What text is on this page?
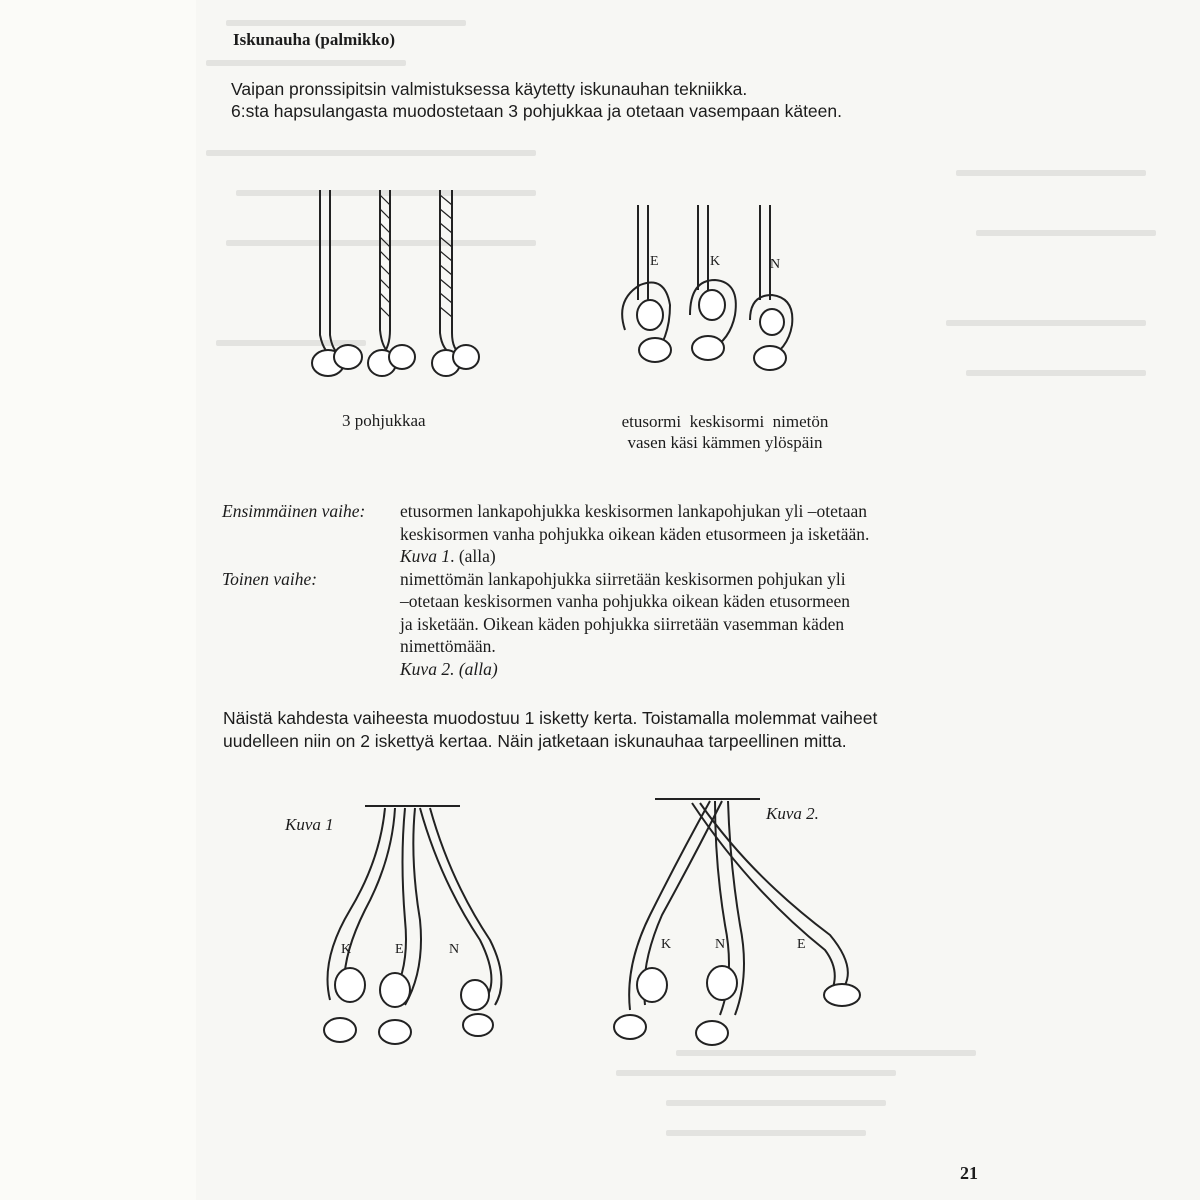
Iskunauha (palmikko)
Vaipan pronssipitsin valmistuksessa käytetty iskunauhan tekniikka.
6:sta hapsulangasta muodostetaan 3 pohjukkaa ja otetaan vasempaan käteen.
E	K	N
3 pohjukkaa	etusormi  keskisormi  nimetön
vasen käsi kämmen ylöspäin
Ensimmäinen vaihe:	etusormen lankapohjukka keskisormen lankapohjukan yli –otetaan
keskisormen vanha pohjukka oikean käden etusormeen ja isketään.
Kuva 1. (alla)
Toinen vaihe:	nimettömän lankapohjukka siirretään keskisormen pohjukan yli
–otetaan keskisormen vanha pohjukka oikean käden etusormeen
ja isketään. Oikean käden pohjukka siirretään vasemman käden
nimettömään.
Kuva 2. (alla)
Näistä kahdesta vaiheesta muodostuu 1 isketty kerta. Toistamalla molemmat vaiheet
uudelleen niin on 2 iskettyä kertaa. Näin jatketaan iskunauhaa tarpeellinen mitta.
Kuva 1
K	E	N
Kuva 2.
K	N	E
21
